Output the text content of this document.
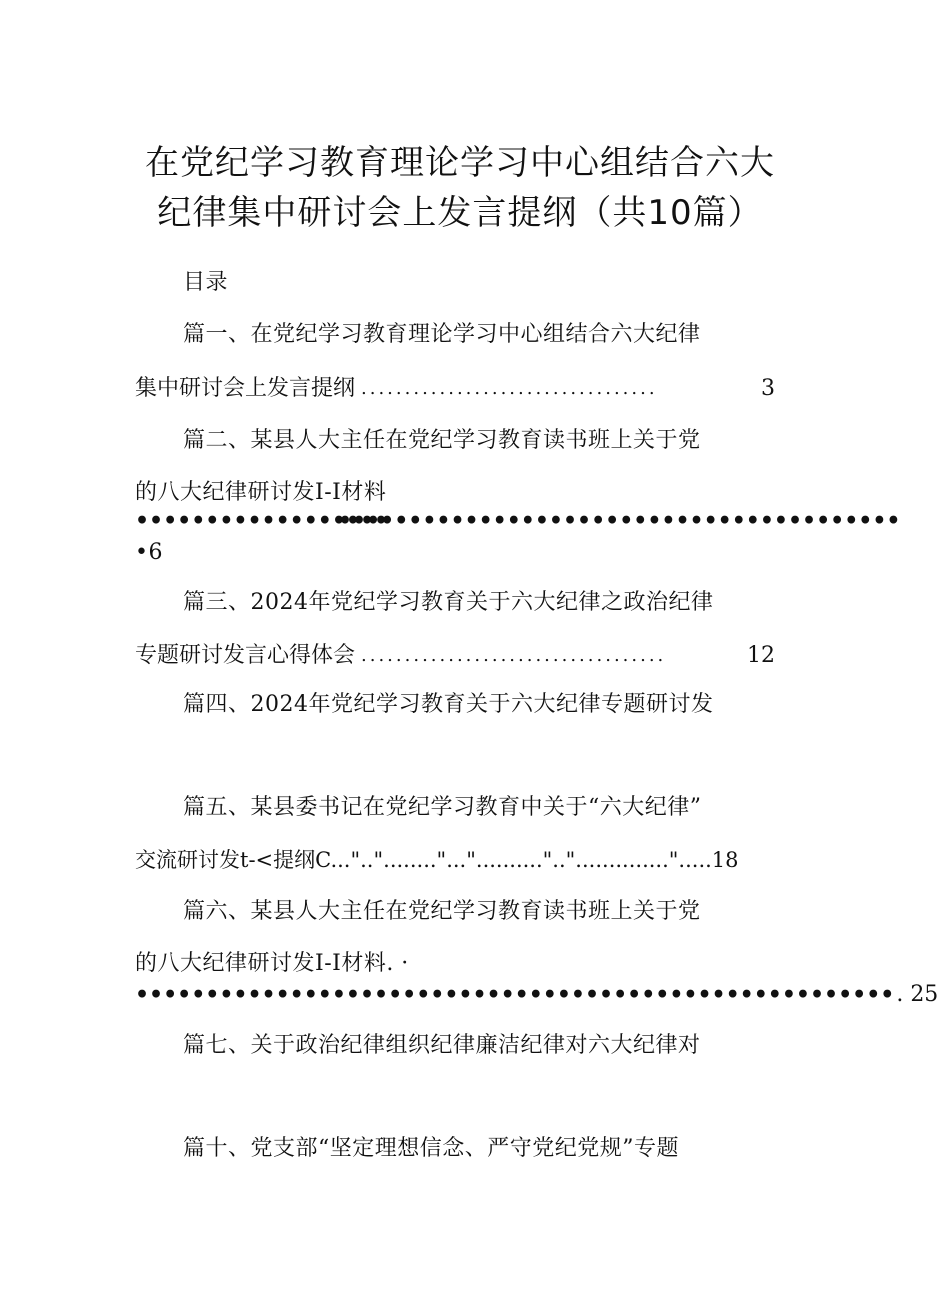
在党纪学习教育理论学习中心组结合六大
纪律集中研讨会上发言提纲（共10篇）
目录
篇一、在党纪学习教育理论学习中心组结合六大纪律
集中研讨会上发言提纲 ..................................	3
篇二、某县人大主任在党纪学习教育读书班上关于党
的八大纪律研讨发I-I材料
••••••••••••••••••
••••••••••••••••••••••••••••••••••••••••
•6
篇三、2024年党纪学习教育关于六大纪律之政治纪律
专题研讨发言心得体会 ...................................	12
篇四、2024年党纪学习教育关于六大纪律专题研讨发
篇五、某县委书记在党纪学习教育中关于“六大纪律”
交流研讨发t-<提纲C...".."........"..."..........".."..............".....18
篇六、某县人大主任在党纪学习教育读书班上关于党
的八大纪律研讨发I-I材料. ·
•••••••••••••••••••••••••••••••••••••••••••••••••••••• . 25
篇七、关于政治纪律组织纪律廉洁纪律对六大纪律对
篇十、党支部“坚定理想信念、严守党纪党规”专题
